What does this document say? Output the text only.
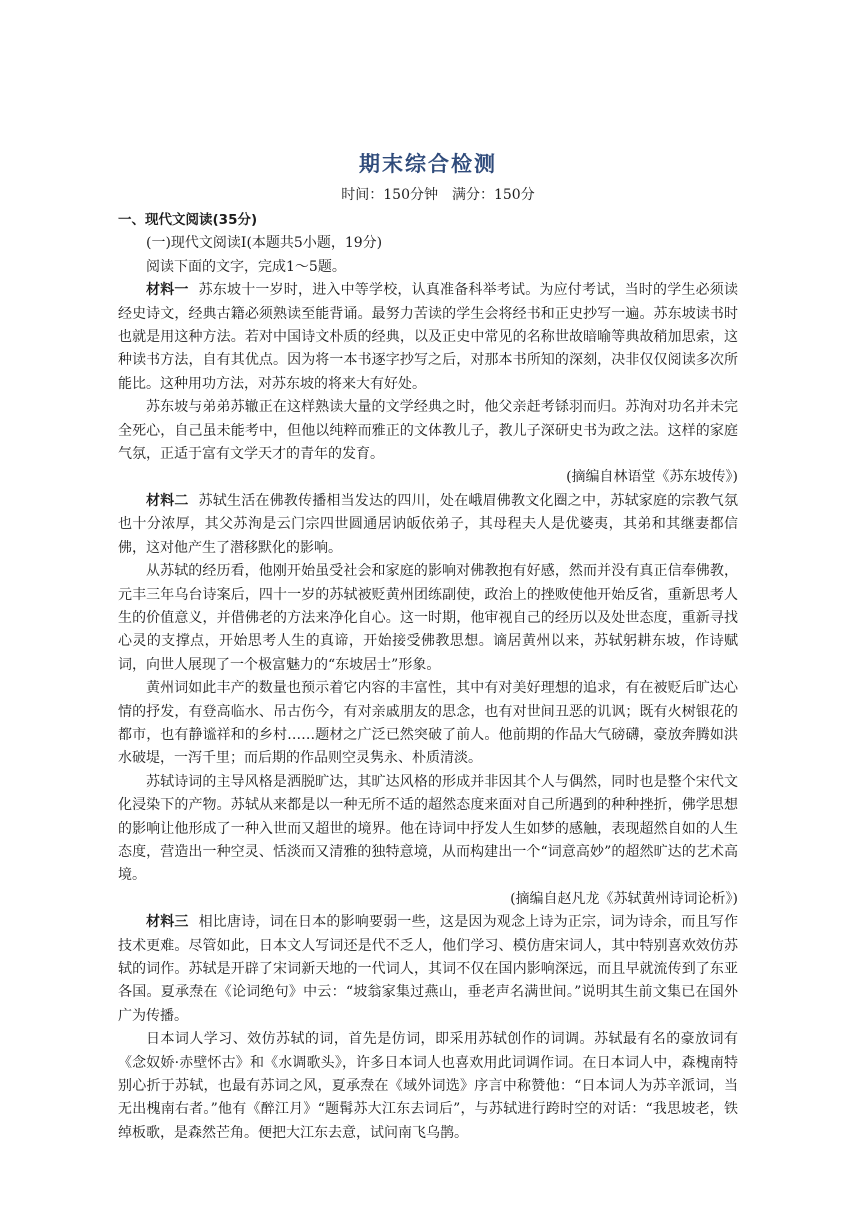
期末综合检测

时间：150分钟　满分：150分

一、现代文阅读(35分)

(一)现代文阅读Ⅰ(本题共5小题，19分)

阅读下面的文字，完成1～5题。

材料一 苏东坡十一岁时，进入中等学校，认真准备科举考试。为应付考试，当时的学生必须读经史诗文，经典古籍必须熟读至能背诵。最努力苦读的学生会将经书和正史抄写一遍。苏东坡读书时也就是用这种方法。若对中国诗文朴质的经典，以及正史中常见的名称世故暗喻等典故稍加思索，这种读书方法，自有其优点。因为将一本书逐字抄写之后，对那本书所知的深刻，决非仅仅阅读多次所能比。这种用功方法，对苏东坡的将来大有好处。

苏东坡与弟弟苏辙正在这样熟读大量的文学经典之时，他父亲赶考铩羽而归。苏洵对功名并未完全死心，自己虽未能考中，但他以纯粹而雅正的文体教儿子，教儿子深研史书为政之法。这样的家庭气氛，正适于富有文学天才的青年的发育。

(摘编自林语堂《苏东坡传》)

材料二 苏轼生活在佛教传播相当发达的四川，处在峨眉佛教文化圈之中，苏轼家庭的宗教气氛也十分浓厚，其父苏洵是云门宗四世圆通居讷皈依弟子，其母程夫人是优婆夷，其弟和其继妻都信佛，这对他产生了潜移默化的影响。

从苏轼的经历看，他刚开始虽受社会和家庭的影响对佛教抱有好感，然而并没有真正信奉佛教，元丰三年乌台诗案后，四十一岁的苏轼被贬黄州团练副使，政治上的挫败使他开始反省，重新思考人生的价值意义，并借佛老的方法来净化自心。这一时期，他审视自己的经历以及处世态度，重新寻找心灵的支撑点，开始思考人生的真谛，开始接受佛教思想。谪居黄州以来，苏轼躬耕东坡，作诗赋词，向世人展现了一个极富魅力的“东坡居士”形象。

黄州词如此丰产的数量也预示着它内容的丰富性，其中有对美好理想的追求，有在被贬后旷达心情的抒发，有登高临水、吊古伤今，有对亲戚朋友的思念，也有对世间丑恶的讥讽；既有火树银花的都市，也有静谧祥和的乡村……题材之广泛已然突破了前人。他前期的作品大气磅礴，豪放奔腾如洪水破堤，一泻千里；而后期的作品则空灵隽永、朴质清淡。

苏轼诗词的主导风格是洒脱旷达，其旷达风格的形成并非因其个人与偶然，同时也是整个宋代文化浸染下的产物。苏轼从来都是以一种无所不适的超然态度来面对自己所遇到的种种挫折，佛学思想的影响让他形成了一种入世而又超世的境界。他在诗词中抒发人生如梦的感触，表现超然自如的人生态度，营造出一种空灵、恬淡而又清雅的独特意境，从而构建出一个“词意高妙”的超然旷达的艺术高境。

(摘编自赵凡龙《苏轼黄州诗词论析》)

材料三 相比唐诗，词在日本的影响要弱一些，这是因为观念上诗为正宗，词为诗余，而且写作技术更难。尽管如此，日本文人写词还是代不乏人，他们学习、模仿唐宋词人，其中特别喜欢效仿苏轼的词作。苏轼是开辟了宋词新天地的一代词人，其词不仅在国内影响深远，而且早就流传到了东亚各国。夏承焘在《论词绝句》中云：“坡翁家集过燕山，垂老声名满世间。”说明其生前文集已在国外广为传播。

日本词人学习、效仿苏轼的词，首先是仿词，即采用苏轼创作的词调。苏轼最有名的豪放词有《念奴娇·赤壁怀古》和《水调歌头》，许多日本词人也喜欢用此词调作词。在日本词人中，森槐南特别心折于苏轼，也最有苏词之风，夏承焘在《域外词选》序言中称赞他：“日本词人为苏辛派词，当无出槐南右者。”他有《醉江月》“题髯苏大江东去词后”，与苏轼进行跨时空的对话：“我思坡老，铁绰板歌，是森然芒角。便把大江东去意，试问南飞乌鹊。
